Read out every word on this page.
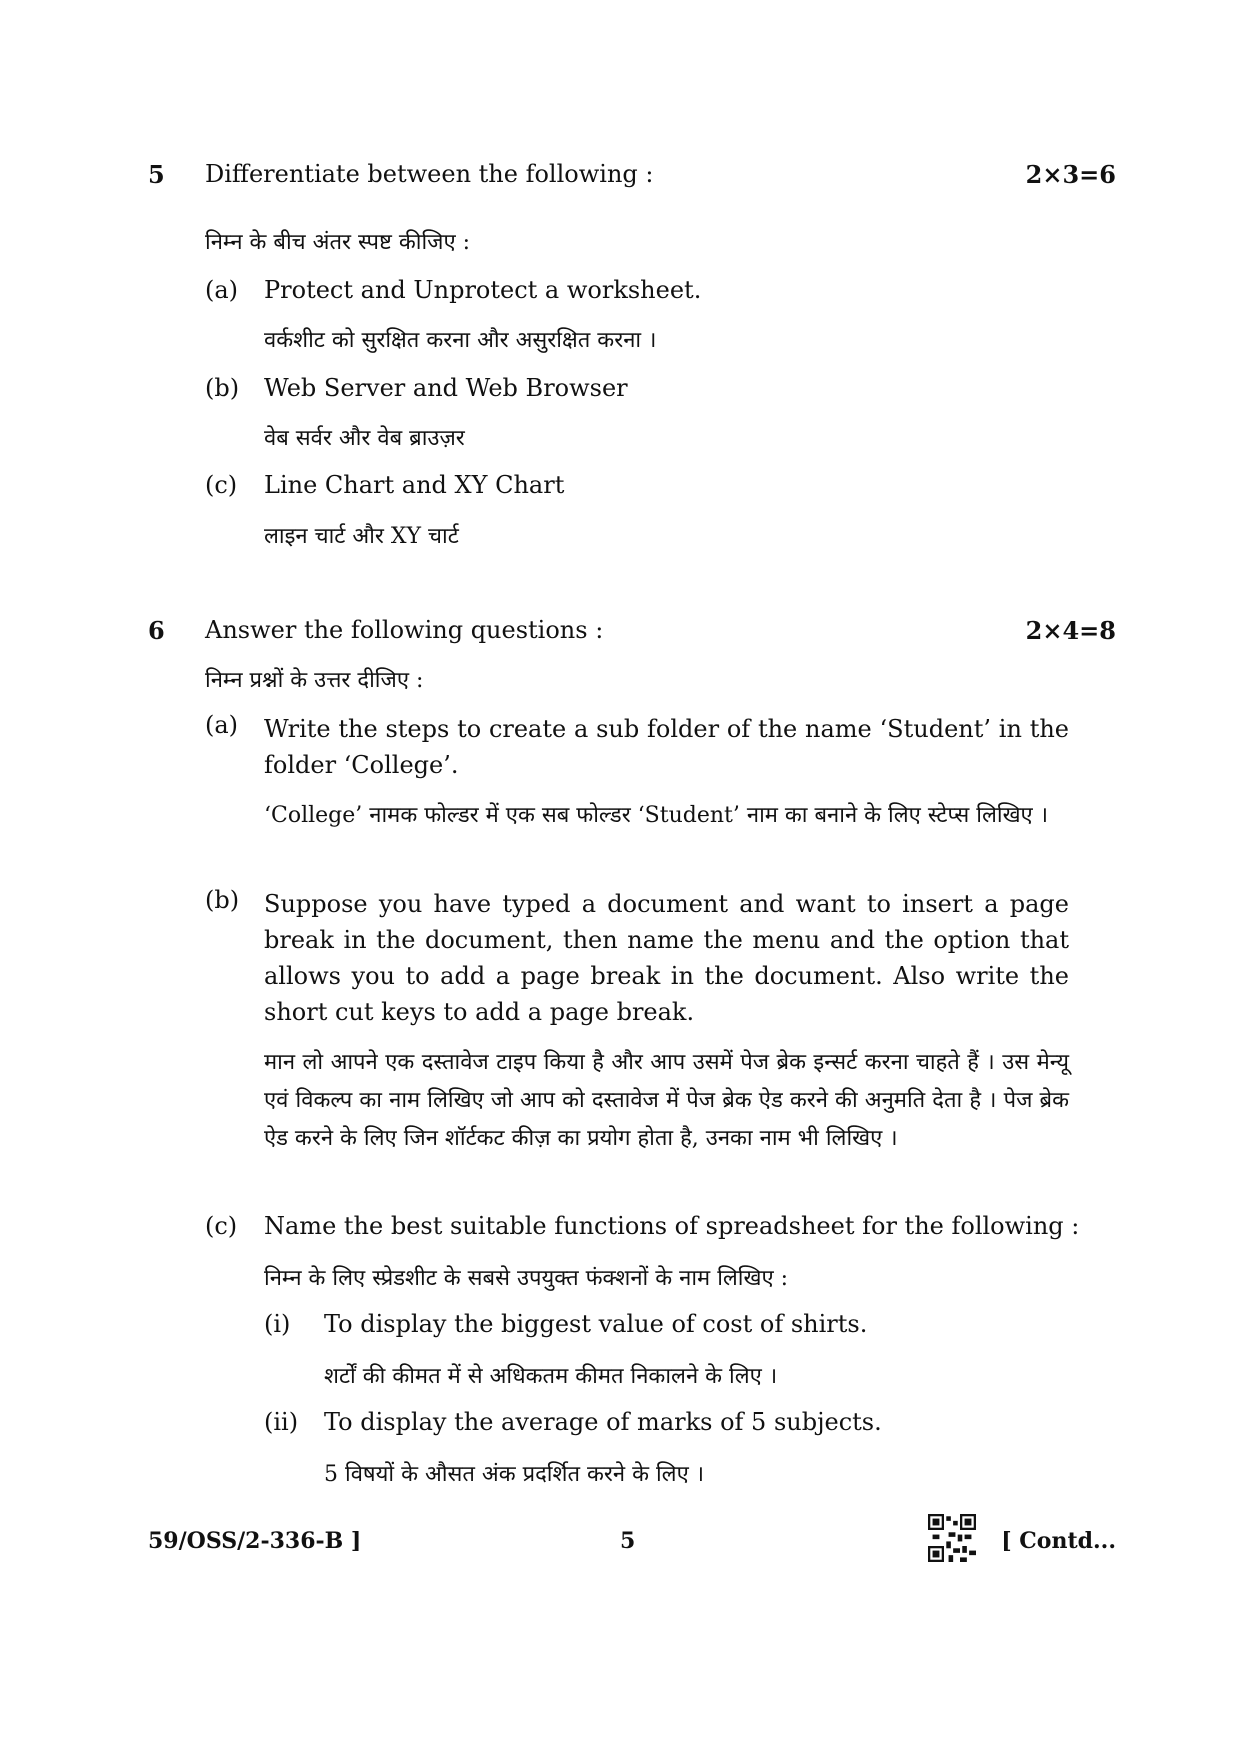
5 Differentiate between the following :	2×3=6
निम्न के बीच अंतर स्पष्ट कीजिए :
(a) Protect and Unprotect a worksheet.
वर्कशीट को सुरक्षित करना और असुरक्षित करना ।
(b) Web Server and Web Browser
वेब सर्वर और वेब ब्राउज़र
(c) Line Chart and XY Chart
लाइन चार्ट और XY चार्ट
6 Answer the following questions :	2×4=8
निम्न प्रश्नों के उत्तर दीजिए :
(a) Write the steps to create a sub folder of the name ‘Student’ in the folder ‘College’.
‘College’ नामक फोल्डर में एक सब फोल्डर ‘Student’ नाम का बनाने के लिए स्टेप्स लिखिए ।
(b) Suppose you have typed a document and want to insert a page break in the document, then name the menu and the option that allows you to add a page break in the document. Also write the short cut keys to add a page break.
मान लो आपने एक दस्तावेज टाइप किया है और आप उसमें पेज ब्रेक इन्सर्ट करना चाहते हैं । उस मेन्यू एवं विकल्प का नाम लिखिए जो आप को दस्तावेज में पेज ब्रेक ऐड करने की अनुमति देता है । पेज ब्रेक ऐड करने के लिए जिन शॉर्टकट कीज़ का प्रयोग होता है, उनका नाम भी लिखिए ।
(c) Name the best suitable functions of spreadsheet for the following :
निम्न के लिए स्प्रेडशीट के सबसे उपयुक्त फंक्शनों के नाम लिखिए :
(i) To display the biggest value of cost of shirts.
शर्टों की कीमत में से अधिकतम कीमत निकालने के लिए ।
(ii) To display the average of marks of 5 subjects.
5 विषयों के औसत अंक प्रदर्शित करने के लिए ।
59/OSS/2-336-B ]	5	[ Contd...
